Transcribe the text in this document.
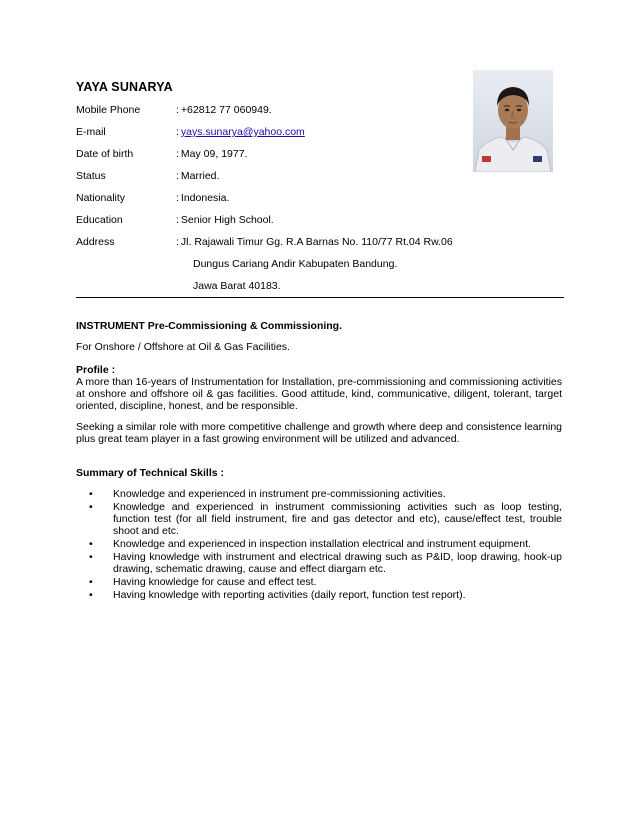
YAYA SUNARYA
Mobile Phone	: +62812 77 060949.
E-mail	: yays.sunarya@yahoo.com
Date of birth	: May 09, 1977.
Status	: Married.
Nationality	: Indonesia.
Education	: Senior High School.
Address	: Jl. Rajawali Timur Gg. R.A Barnas No. 110/77 Rt.04 Rw.06
Dungus Cariang Andir Kabupaten Bandung.
Jawa Barat 40183.
INSTRUMENT Pre-Commissioning & Commissioning.
For Onshore / Offshore at Oil & Gas Facilities.
Profile :
A more than 16-years of Instrumentation for Installation, pre-commissioning and commissioning activities at onshore and offshore oil & gas facilities. Good attitude, kind, communicative, diligent, tolerant, target oriented, discipline, honest, and be responsible.
Seeking a similar role with more competitive challenge and growth where deep and consistence learning plus great team player in a fast growing environment will be utilized and advanced.
Summary of Technical Skills :
• Knowledge and experienced in instrument pre-commissioning activities.
• Knowledge and experienced in instrument commissioning activities such as loop testing, function test (for all field instrument, fire and gas detector and etc), cause/effect test, trouble shoot and etc.
• Knowledge and experienced in inspection installation electrical and instrument equipment.
• Having knowledge with instrument and electrical drawing such as P&ID, loop drawing, hook-up drawing, schematic drawing, cause and effect diargam etc.
• Having knowledge for cause and effect test.
• Having knowledge with reporting activities (daily report, function test report).
